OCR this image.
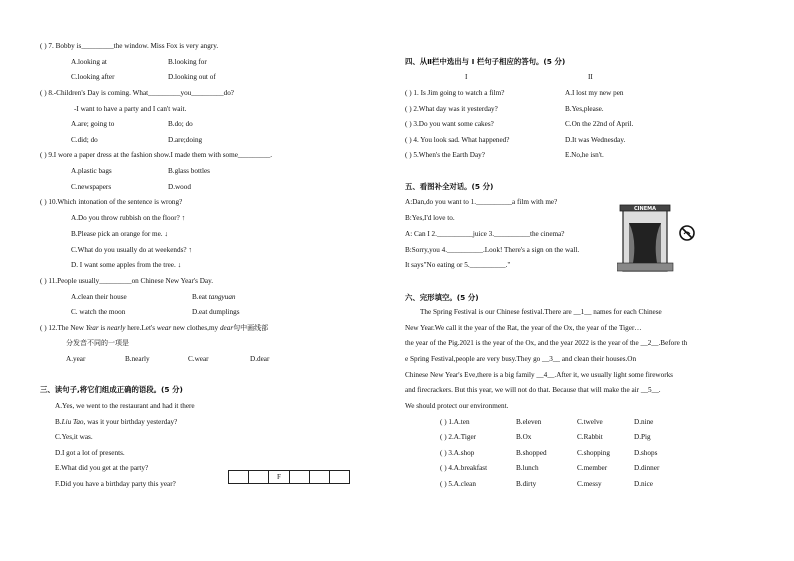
( ) 7. Bobby is_________the window. Miss Fox is very angry.
A.looking at	B.looking for
C.looking after	D.looking out of
( ) 8.-Children's Day is coming. What_________you_________do?
-I want to have a party and I can't wait.
A.are; going to	B.do; do
C.did; do	D.are;doing
( ) 9.I wore a paper dress at the fashion show.I made them with some_________.
A.plastic bags	B.glass bottles
C.newspapers	D.wood
( ) 10.Which intonation of the sentence is wrong?
A.Do you throw rubbish on the floor? ↑
B.Please pick an orange for me. ↓
C.What do you usually do at weekends? ↑
D. I want some apples from the tree. ↓
( ) 11.People usually_________on Chinese New Year's Day.
A.clean their house	B.eat tangyuan
C. watch the moon	D.eat dumplings
( ) 12.The New Year is nearly here.Let's wear new clothes,my dear句中画线部
分发音不同的一项是
A.year	B.nearly	C.wear	D.dear
三、读句子,将它们组成正确的语段。(5 分)
A.Yes, we went to the restaurant and had it there
B.Liu Tao, was it your birthday yesterday?
C.Yes,it was.
D.I got a lot of presents.
E.What did you get at the party?
F.Did you have a birthday party this year?
F
四、从Ⅱ栏中选出与 I 栏句子相应的答句。(5 分)
I	II
( ) 1. Is Jim going to watch a film?	A.I lost my new pen
( ) 2.What day was it yesterday?	B.Yes,please.
( ) 3.Do you want some cakes?	C.On the 22nd of April.
( ) 4. You look sad. What happened?	D.It was Wednesday.
( ) 5.When's the Earth Day?	E.No,he isn't.
五、看图补全对话。(5 分)
A:Dan,do you want to 1.__________a film with me?
B:Yes,I'd love to.
A: Can I 2.__________juice 3.__________the cinema?
B:Sorry,you 4.__________.Look! There's a sign on the wall.
It says"No eating or 5.__________."
CINEMA
六、完形填空。(5 分)
The Spring Festival is our Chinese festival.There are __1__ names for each Chinese
New Year.We call it the year of the Rat, the year of the Ox, the year of the Tiger…
the year of the Pig.2021 is the year of the Ox, and the year 2022 is the year of the __2__.Before th
e Spring Festival,people are very busy.They go __3__ and clean their houses.On
Chinese New Year's Eve,there is a big family __4__.After it, we usually light some fireworks
and firecrackers. But this year, we will not do that. Because that will make the air __5__.
We should protect our environment.
( ) 1.A.ten	B.eleven	C.twelve	D.nine
( ) 2.A.Tiger	B.Ox	C.Rabbit	D.Pig
( ) 3.A.shop	B.shopped	C.shopping	D.shops
( ) 4.A.breakfast	B.lunch	C.member	D.dinner
( ) 5.A.clean	B.dirty	C.messy	D.nice
